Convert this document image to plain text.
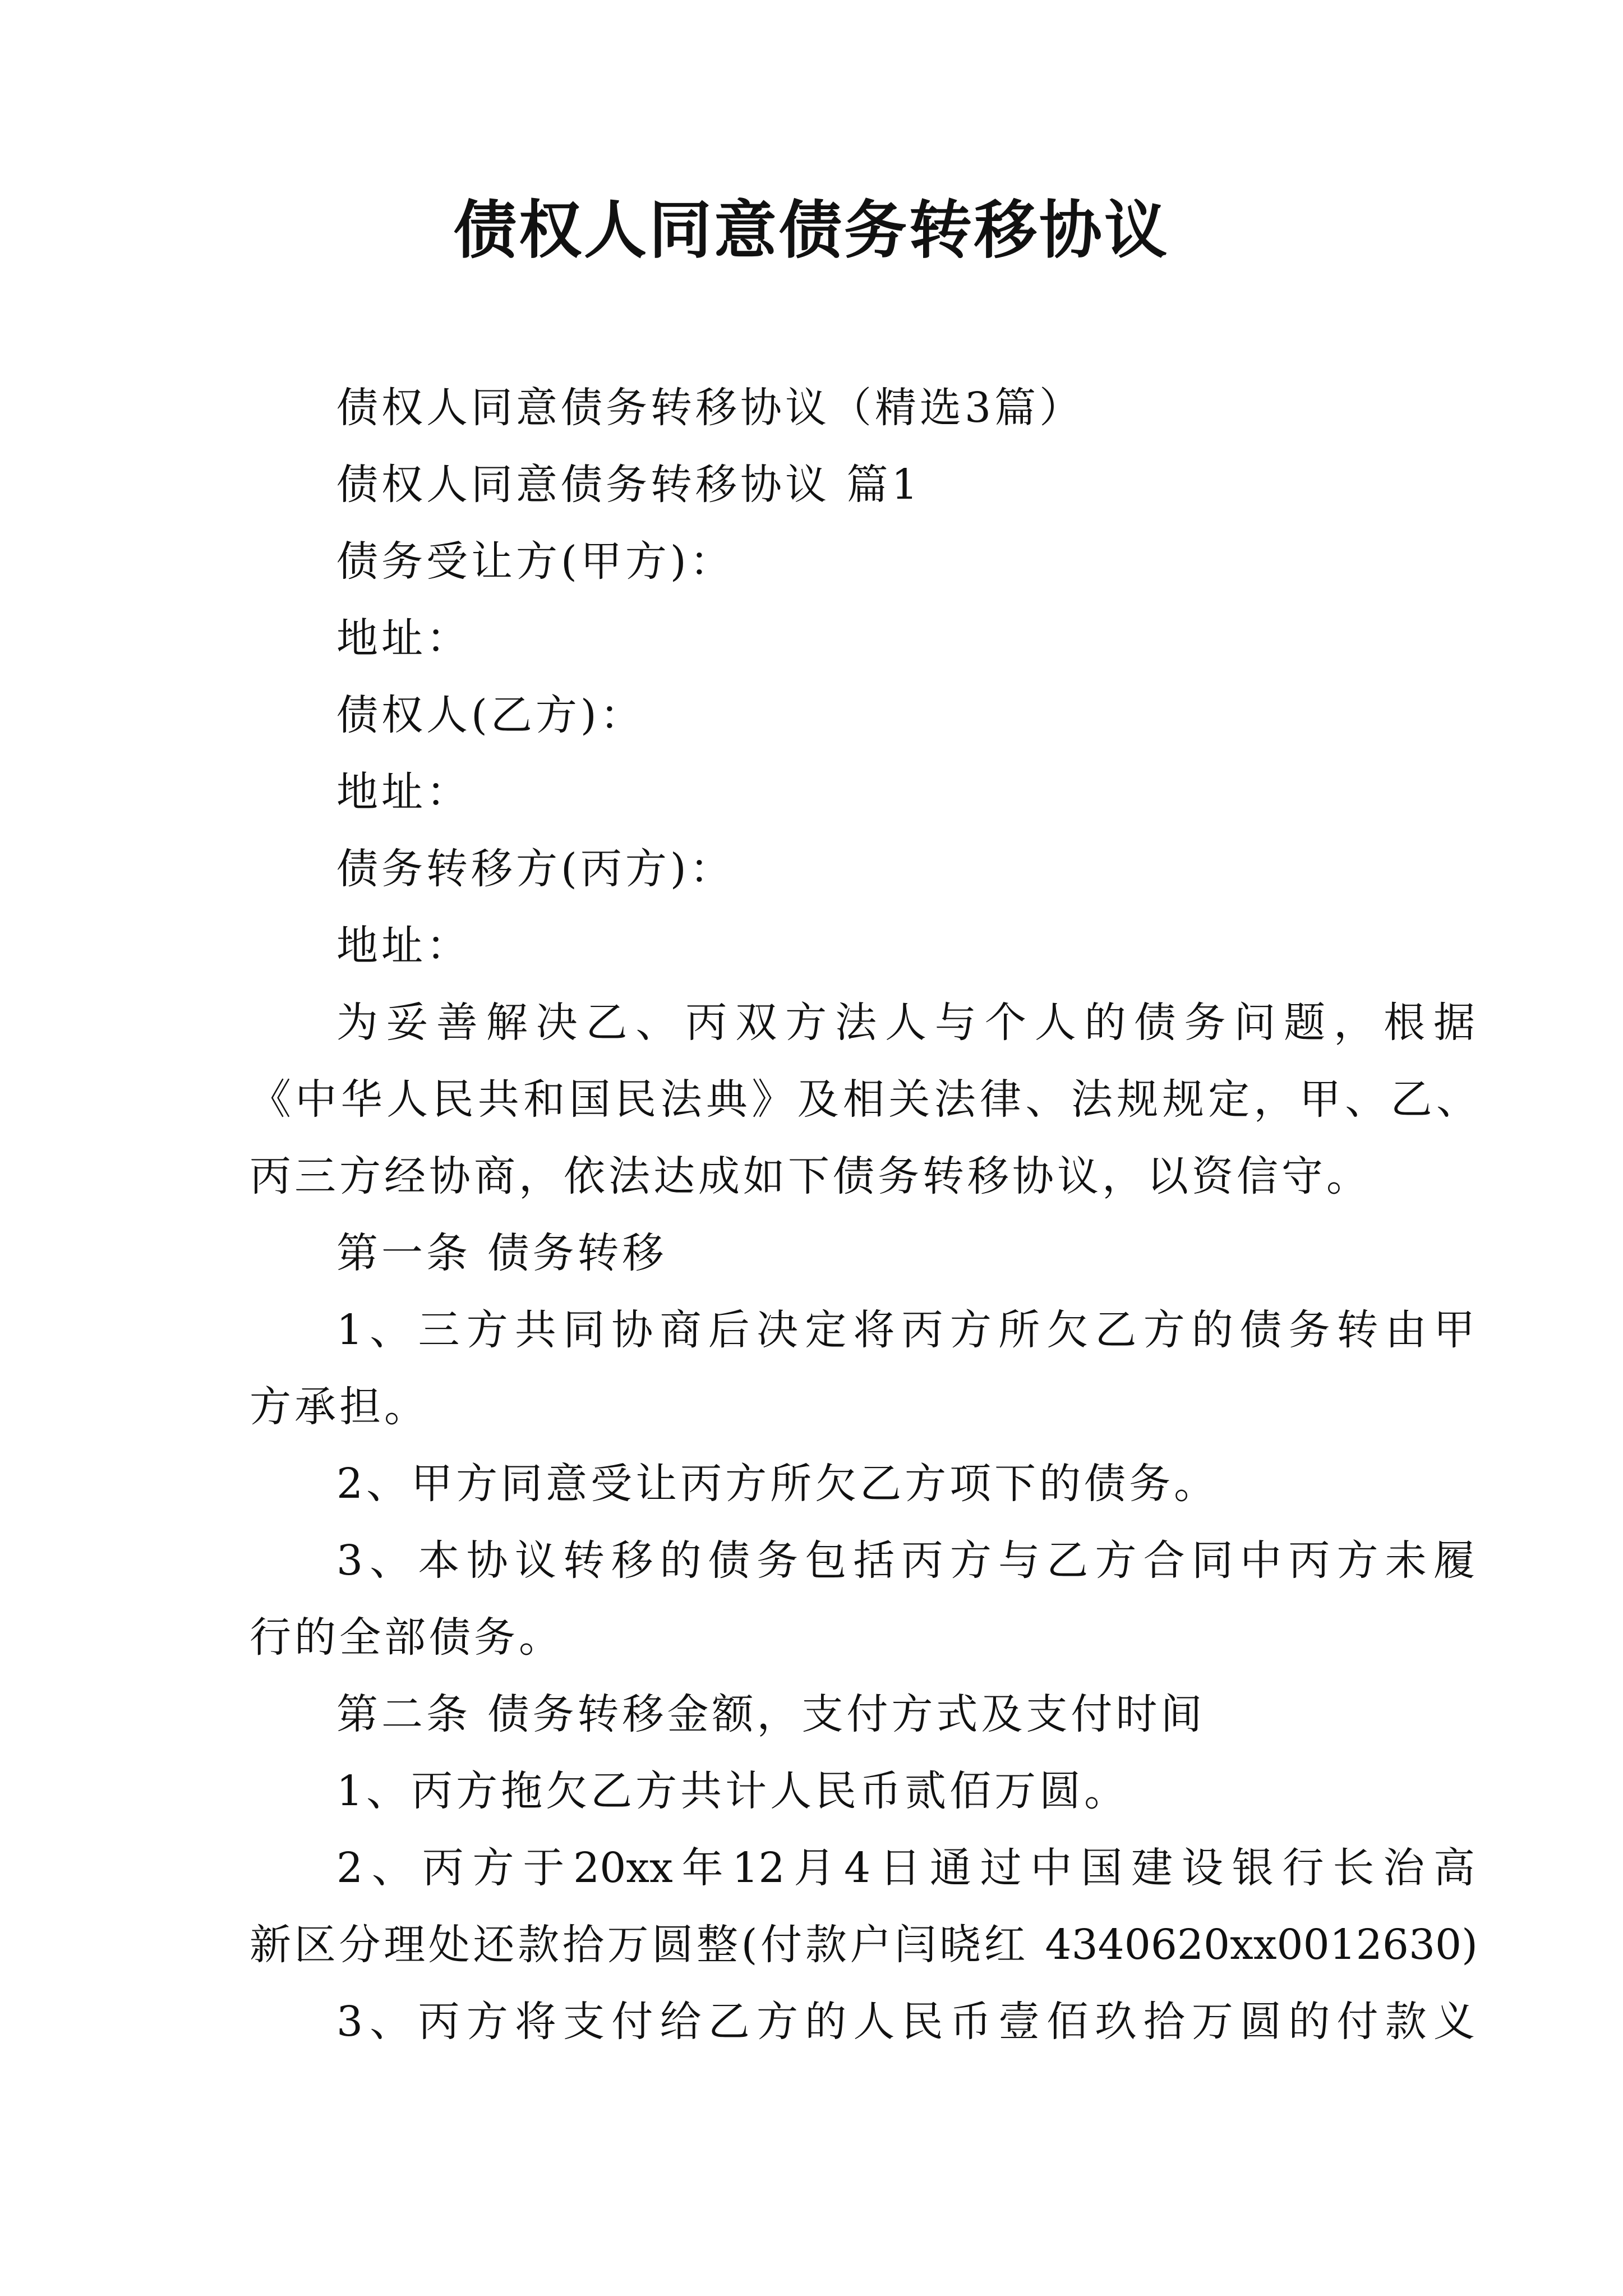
债权人同意债务转移协议
债权人同意债务转移协议（精选3篇）
债权人同意债务转移协议 篇1
债务受让方(甲方)：
地址：
债权人(乙方)：
地址：
债务转移方(丙方)：
地址：
为妥善解决乙、丙双方法人与个人的债务问题，根据
《中华人民共和国民法典》及相关法律、法规规定，甲、乙、
丙三方经协商，依法达成如下债务转移协议，以资信守。
第一条 债务转移
1、三方共同协商后决定将丙方所欠乙方的债务转由甲
方承担。
2、甲方同意受让丙方所欠乙方项下的债务。
3、本协议转移的债务包括丙方与乙方合同中丙方未履
行的全部债务。
第二条 债务转移金额，支付方式及支付时间
1、丙方拖欠乙方共计人民币贰佰万圆。
2、丙方于20xx年12月4日通过中国建设银行长治高
新区分理处还款拾万圆整(付款户闫晓红 4340620xx0012630)
3、丙方将支付给乙方的人民币壹佰玖拾万圆的付款义
